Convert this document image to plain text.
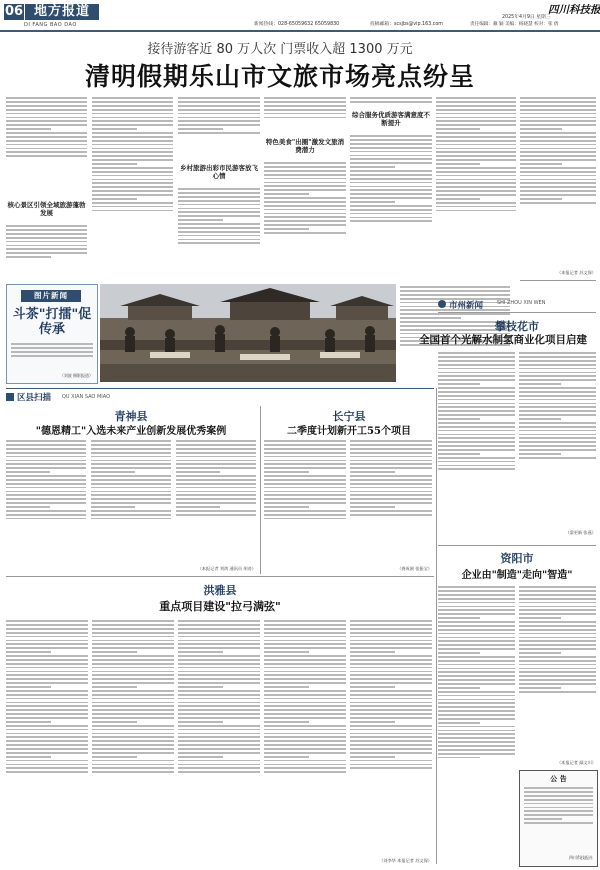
06 地方报道
DI FANG BAO DAO	新闻热线：028-65059632 65059830	投稿邮箱：scsjbs@vip.163.com
2025年4月9日 星期三
责任编辑：戴 颖 美编：杨晓慧 校对：张 倩
四川科技报
接待游客近 80 万人次 门票收入超 1300 万元
清明假期乐山市文旅市场亮点纷呈
核心景区引领全域旅游蓬勃发展
乡村旅游出彩市民游客放飞心情
特色美食"出圈"激发文旅消费潜力
综合服务优质游客满意度不断提升
（本报记者 苏文保）
图片新闻
斗茶"打擂"促传承
（刘波 摄影报道）
市州新闻	SHI ZHOU XIN WEN
攀枝花市
全国首个光解水制氢商业化项目启建
（梁更新 张燕）
区县扫描 QU XIAN SAO MIAO
青神县
"德恩精工"入选未来产业创新发展优秀案例
（本报记者 刘鸿 通讯员 胡奇）
长宁县
二季度计划新开工55个项目
（龚成刚 张振宝）
洪雅县
重点项目建设"拉弓满弦"
（刘李华 本报记者 苏文保）
资阳市
企业由"制造"走向"智造"
（本报记者 鄢文川）
公 告
四川科技报社
